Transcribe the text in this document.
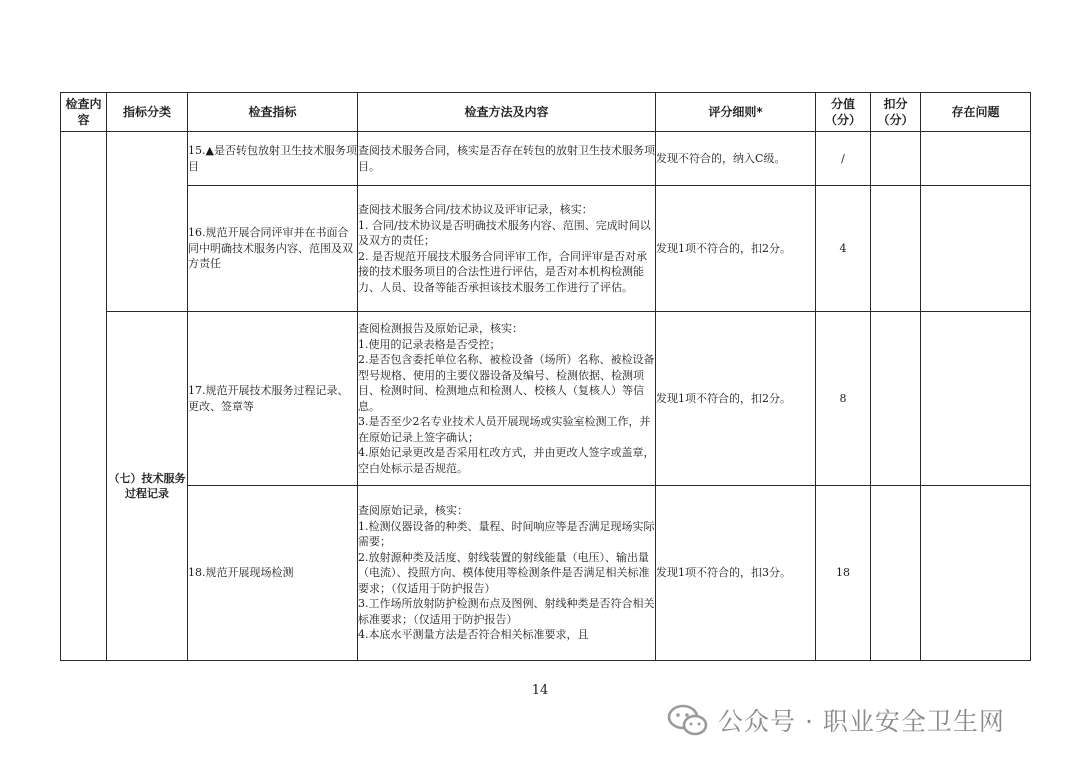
检查内容	指标分类	检查指标	检查方法及内容	评分细则*	分值（分）	扣分（分）	存在问题
		15.▲是否转包放射卫生技术服务项目	查阅技术服务合同，核实是否存在转包的放射卫生技术服务项目。	发现不符合的，纳入C级。	/		
		16.规范开展合同评审并在书面合同中明确技术服务内容、范围及双方责任	查阅技术服务合同/技术协议及评审记录，核实：
1. 合同/技术协议是否明确技术服务内容、范围、完成时间以及双方的责任；
2. 是否规范开展技术服务合同评审工作，合同评审是否对承接的技术服务项目的合法性进行评估，是否对本机构检测能力、人员、设备等能否承担该技术服务工作进行了评估。	发现1项不符合的，扣2分。	4		
	（七）技术服务过程记录	17.规范开展技术服务过程记录、更改、签章等	查阅检测报告及原始记录，核实：
1.使用的记录表格是否受控；
2.是否包含委托单位名称、被检设备（场所）名称、被检设备型号规格、使用的主要仪器设备及编号、检测依据、检测项目、检测时间、检测地点和检测人、校核人（复核人）等信息。
3.是否至少2名专业技术人员开展现场或实验室检测工作，并在原始记录上签字确认；
4.原始记录更改是否采用杠改方式，并由更改人签字或盖章，空白处标示是否规范。	发现1项不符合的，扣2分。	8		
		18.规范开展现场检测	查阅原始记录，核实：
1.检测仪器设备的种类、量程、时间响应等是否满足现场实际需要；
2.放射源种类及活度、射线装置的射线能量（电压）、输出量（电流）、投照方向、模体使用等检测条件是否满足相关标准要求；（仅适用于防护报告）
3.工作场所放射防护检测布点及图例、射线种类是否符合相关标准要求；（仅适用于防护报告）
4.本底水平测量方法是否符合相关标准要求，且	发现1项不符合的，扣3分。	18		
14
公众号 · 职业安全卫生网
